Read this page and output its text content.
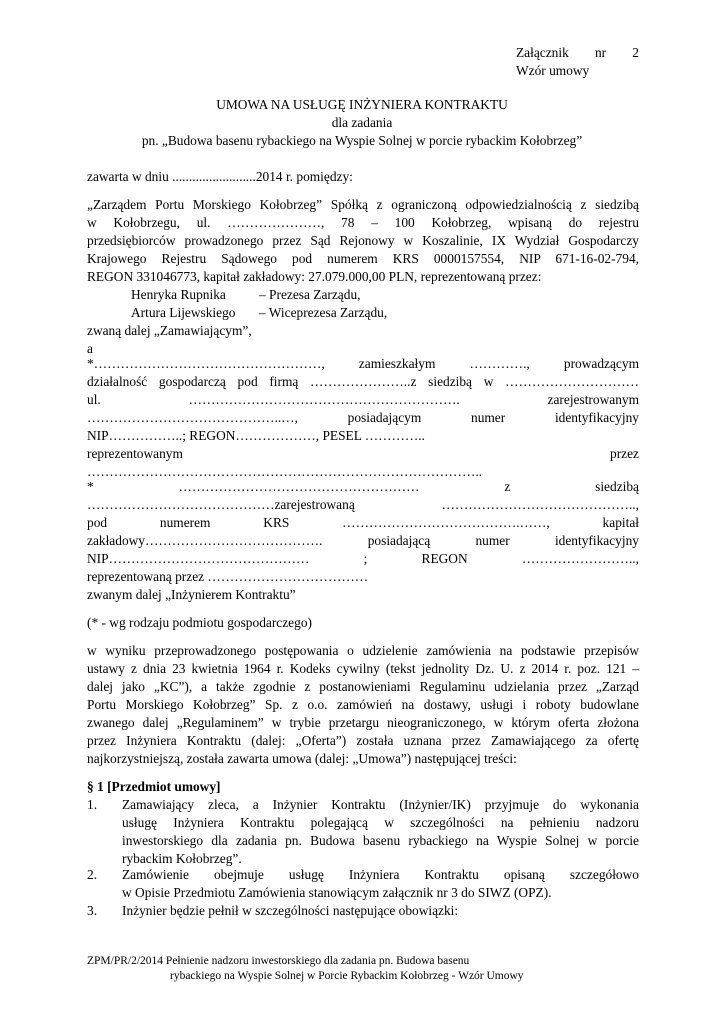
Załącznik nr 2
Wzór umowy
UMOWA NA USŁUGĘ INŻYNIERA KONTRAKTU
dla zadania
pn. „Budowa basenu rybackiego na Wyspie Solnej w porcie rybackim Kołobrzeg”
zawarta w dniu .........................2014 r. pomiędzy:
„Zarządem Portu Morskiego Kołobrzeg” Spółką z ograniczoną odpowiedzialnością z siedzibą
w Kołobrzegu, ul. …………………, 78 – 100 Kołobrzeg, wpisaną do rejestru
przedsiębiorców prowadzonego przez Sąd Rejonowy w Koszalinie, IX Wydział Gospodarczy
Krajowego Rejestru Sądowego pod numerem KRS 0000157554, NIP 671-16-02-794,
REGON 331046773, kapitał zakładowy: 27.079.000,00 PLN, reprezentowaną przez:
Henryka Rupnika – Prezesa Zarządu,
Artura Lijewskiego – Wiceprezesa Zarządu,
zwaną dalej „Zamawiającym”,
a
*……………………………………………, zamieszkałym …………., prowadzącym
działalność gospodarczą pod firmą …………………..z siedzibą w …………………………
ul. ……………………………………………………. zarejestrowanym
……………………………………..…, posiadającym numer identyfikacyjny
NIP……………..; REGON………………, PESEL …………..
reprezentowanym przez
……………………………………………………………………………..
* ……………………………………………… z siedzibą
……………………………………zarejestrowaną ……………………………………..,
pod numerem KRS ………………………………….……, kapitał
zakładowy…………………………………. posiadającą numer identyfikacyjny
NIP……………………………………… ; REGON ……………………..,
reprezentowaną przez ………………………………
zwanym dalej „Inżynierem Kontraktu”
(* - wg rodzaju podmiotu gospodarczego)
w wyniku przeprowadzonego postępowania o udzielenie zamówienia na podstawie przepisów
ustawy z dnia 23 kwietnia 1964 r. Kodeks cywilny (tekst jednolity Dz. U. z 2014 r. poz. 121 –
dalej jako „KC”), a także zgodnie z postanowieniami Regulaminu udzielania przez „Zarząd
Portu Morskiego Kołobrzeg” Sp. z o.o. zamówień na dostawy, usługi i roboty budowlane
zwanego dalej „Regulaminem” w trybie przetargu nieograniczonego, w którym oferta złożona
przez Inżyniera Kontraktu (dalej: „Oferta”) została uznana przez Zamawiającego za ofertę
najkorzystniejszą, została zawarta umowa (dalej: „Umowa”) następującej treści:
§ 1 [Przedmiot umowy]
1. Zamawiający zleca, a Inżynier Kontraktu (Inżynier/IK) przyjmuje do wykonania
usługę Inżyniera Kontraktu polegającą w szczególności na pełnieniu nadzoru
inwestorskiego dla zadania pn. Budowa basenu rybackiego na Wyspie Solnej w porcie
rybackim Kołobrzeg”.
2. Zamówienie obejmuje usługę Inżyniera Kontraktu opisaną szczegółowo
w Opisie Przedmiotu Zamówienia stanowiącym załącznik nr 3 do SIWZ (OPZ).
3. Inżynier będzie pełnił w szczególności następujące obowiązki:
ZPM/PR/2/2014 Pełnienie nadzoru inwestorskiego dla zadania pn. Budowa basenu
rybackiego na Wyspie Solnej w Porcie Rybackim Kołobrzeg - Wzór Umowy
